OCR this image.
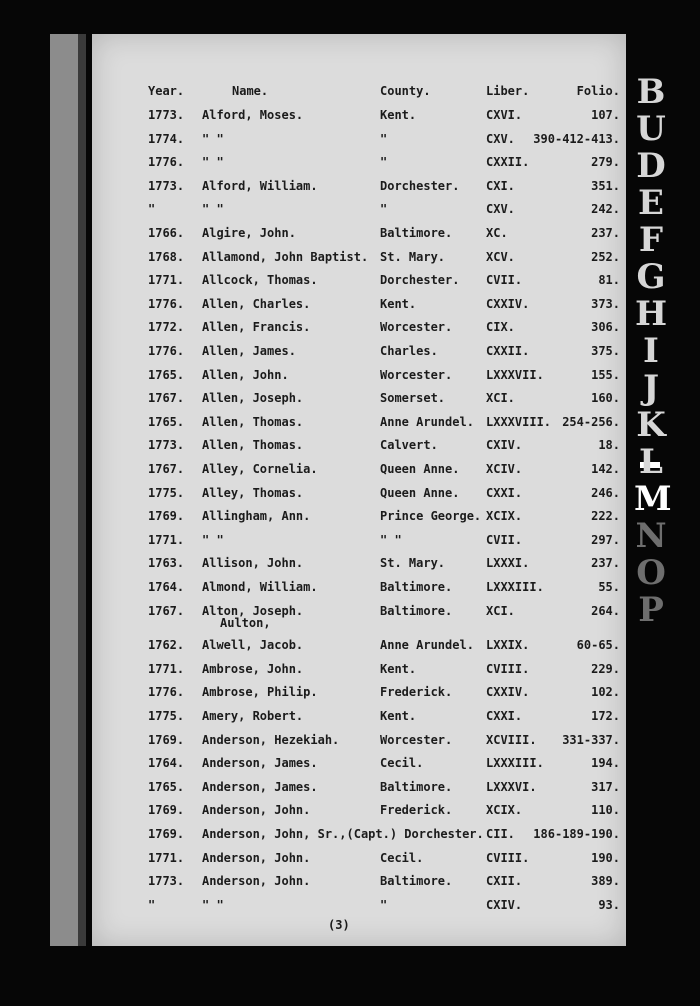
Year.	Name.	County.	Liber.	Folio.
1773. Alford, Moses.	Kent.	CXVI.	107.
1774. " "	"	CXV. 390-412-413.
1776. " "	"	CXXII.	279.
1773. Alford, William.	Dorchester. CXI.	351.
"	" "	"	CXV.	242.
1766. Algire, John.	Baltimore.	XC.	237.
1768. Allamond, John Baptist. St. Mary.	XCV.	252.
1771. Allcock, Thomas.	Dorchester. CVII.	81.
1776. Allen, Charles.	Kent.	CXXIV.	373.
1772. Allen, Francis.	Worcester.	CIX.	306.
1776. Allen, James.	Charles.	CXXII.	375.
1765. Allen, John.	Worcester.	LXXXVII.	155.
1767. Allen, Joseph.	Somerset.	XCI.	160.
1765. Allen, Thomas.	Anne Arundel. LXXXVIII. 254-256.
1773. Allen, Thomas.	Calvert.	CXIV.	18.
1767. Alley, Cornelia.	Queen Anne. XCIV.	142.
1775. Alley, Thomas.	Queen Anne. CXXI.	246.
1769. Allingham, Ann.	Prince George. XCIX.	222.
1771. " "	" "	CVII.	297.
1763. Allison, John.	St. Mary.	LXXXI.	237.
1764. Almond, William.	Baltimore.	LXXXIII.	55.
1767. Alton, Joseph.	Baltimore.	XCI.	264.
Aulton,
1762. Alwell, Jacob.	Anne Arundel. LXXIX.	60-65.
1771. Ambrose, John.	Kent.	CVIII.	229.
1776. Ambrose, Philip.	Frederick.	CXXIV.	102.
1775. Amery, Robert.	Kent.	CXXI.	172.
1769. Anderson, Hezekiah.	Worcester.	XCVIII. 331-337.
1764. Anderson, James.	Cecil.	LXXXIII.	194.
1765. Anderson, James.	Baltimore.	LXXXVI.	317.
1769. Anderson, John.	Frederick.	XCIX.	110.
1769. Anderson, John, Sr.,(Capt.) Dorchester. CII. 186-189-190.
1771. Anderson, John.	Cecil.	CVIII.	190.
1773. Anderson, John.	Baltimore.	CXII.	389.
"	" "	"	CXIV.	93.
(3)
B
U
D
E
F
G
H
I
J
K
L
M
N
O
P
